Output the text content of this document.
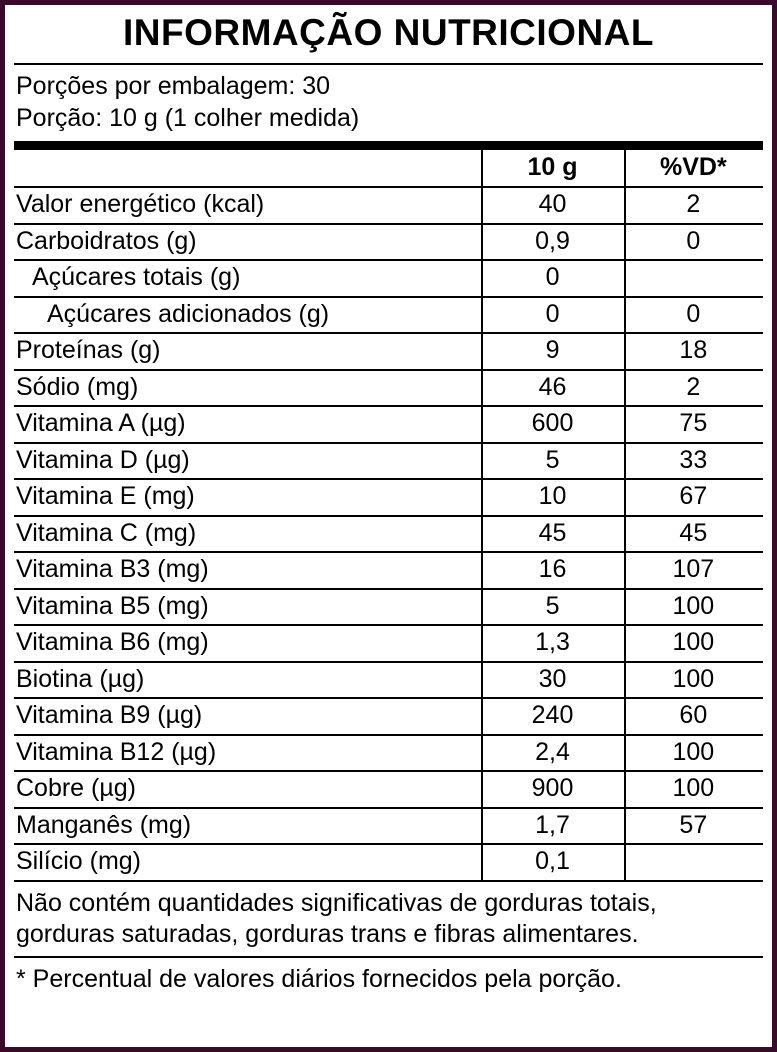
INFORMAÇÃO NUTRICIONAL
Porções por embalagem: 30
Porção: 10 g (1 colher medida)
	10 g	%VD*
Valor energético (kcal)	40	2
Carboidratos (g)	0,9	0
Açúcares totais (g)	0	
Açúcares adicionados (g)	0	0
Proteínas (g)	9	18
Sódio (mg)	46	2
Vitamina A (µg)	600	75
Vitamina D (µg)	5	33
Vitamina E (mg)	10	67
Vitamina C (mg)	45	45
Vitamina B3 (mg)	16	107
Vitamina B5 (mg)	5	100
Vitamina B6 (mg)	1,3	100
Biotina (µg)	30	100
Vitamina B9 (µg)	240	60
Vitamina B12 (µg)	2,4	100
Cobre (µg)	900	100
Manganês (mg)	1,7	57
Silício (mg)	0,1	
Não contém quantidades significativas de gorduras totais,
gorduras saturadas, gorduras trans e fibras alimentares.
* Percentual de valores diários fornecidos pela porção.
